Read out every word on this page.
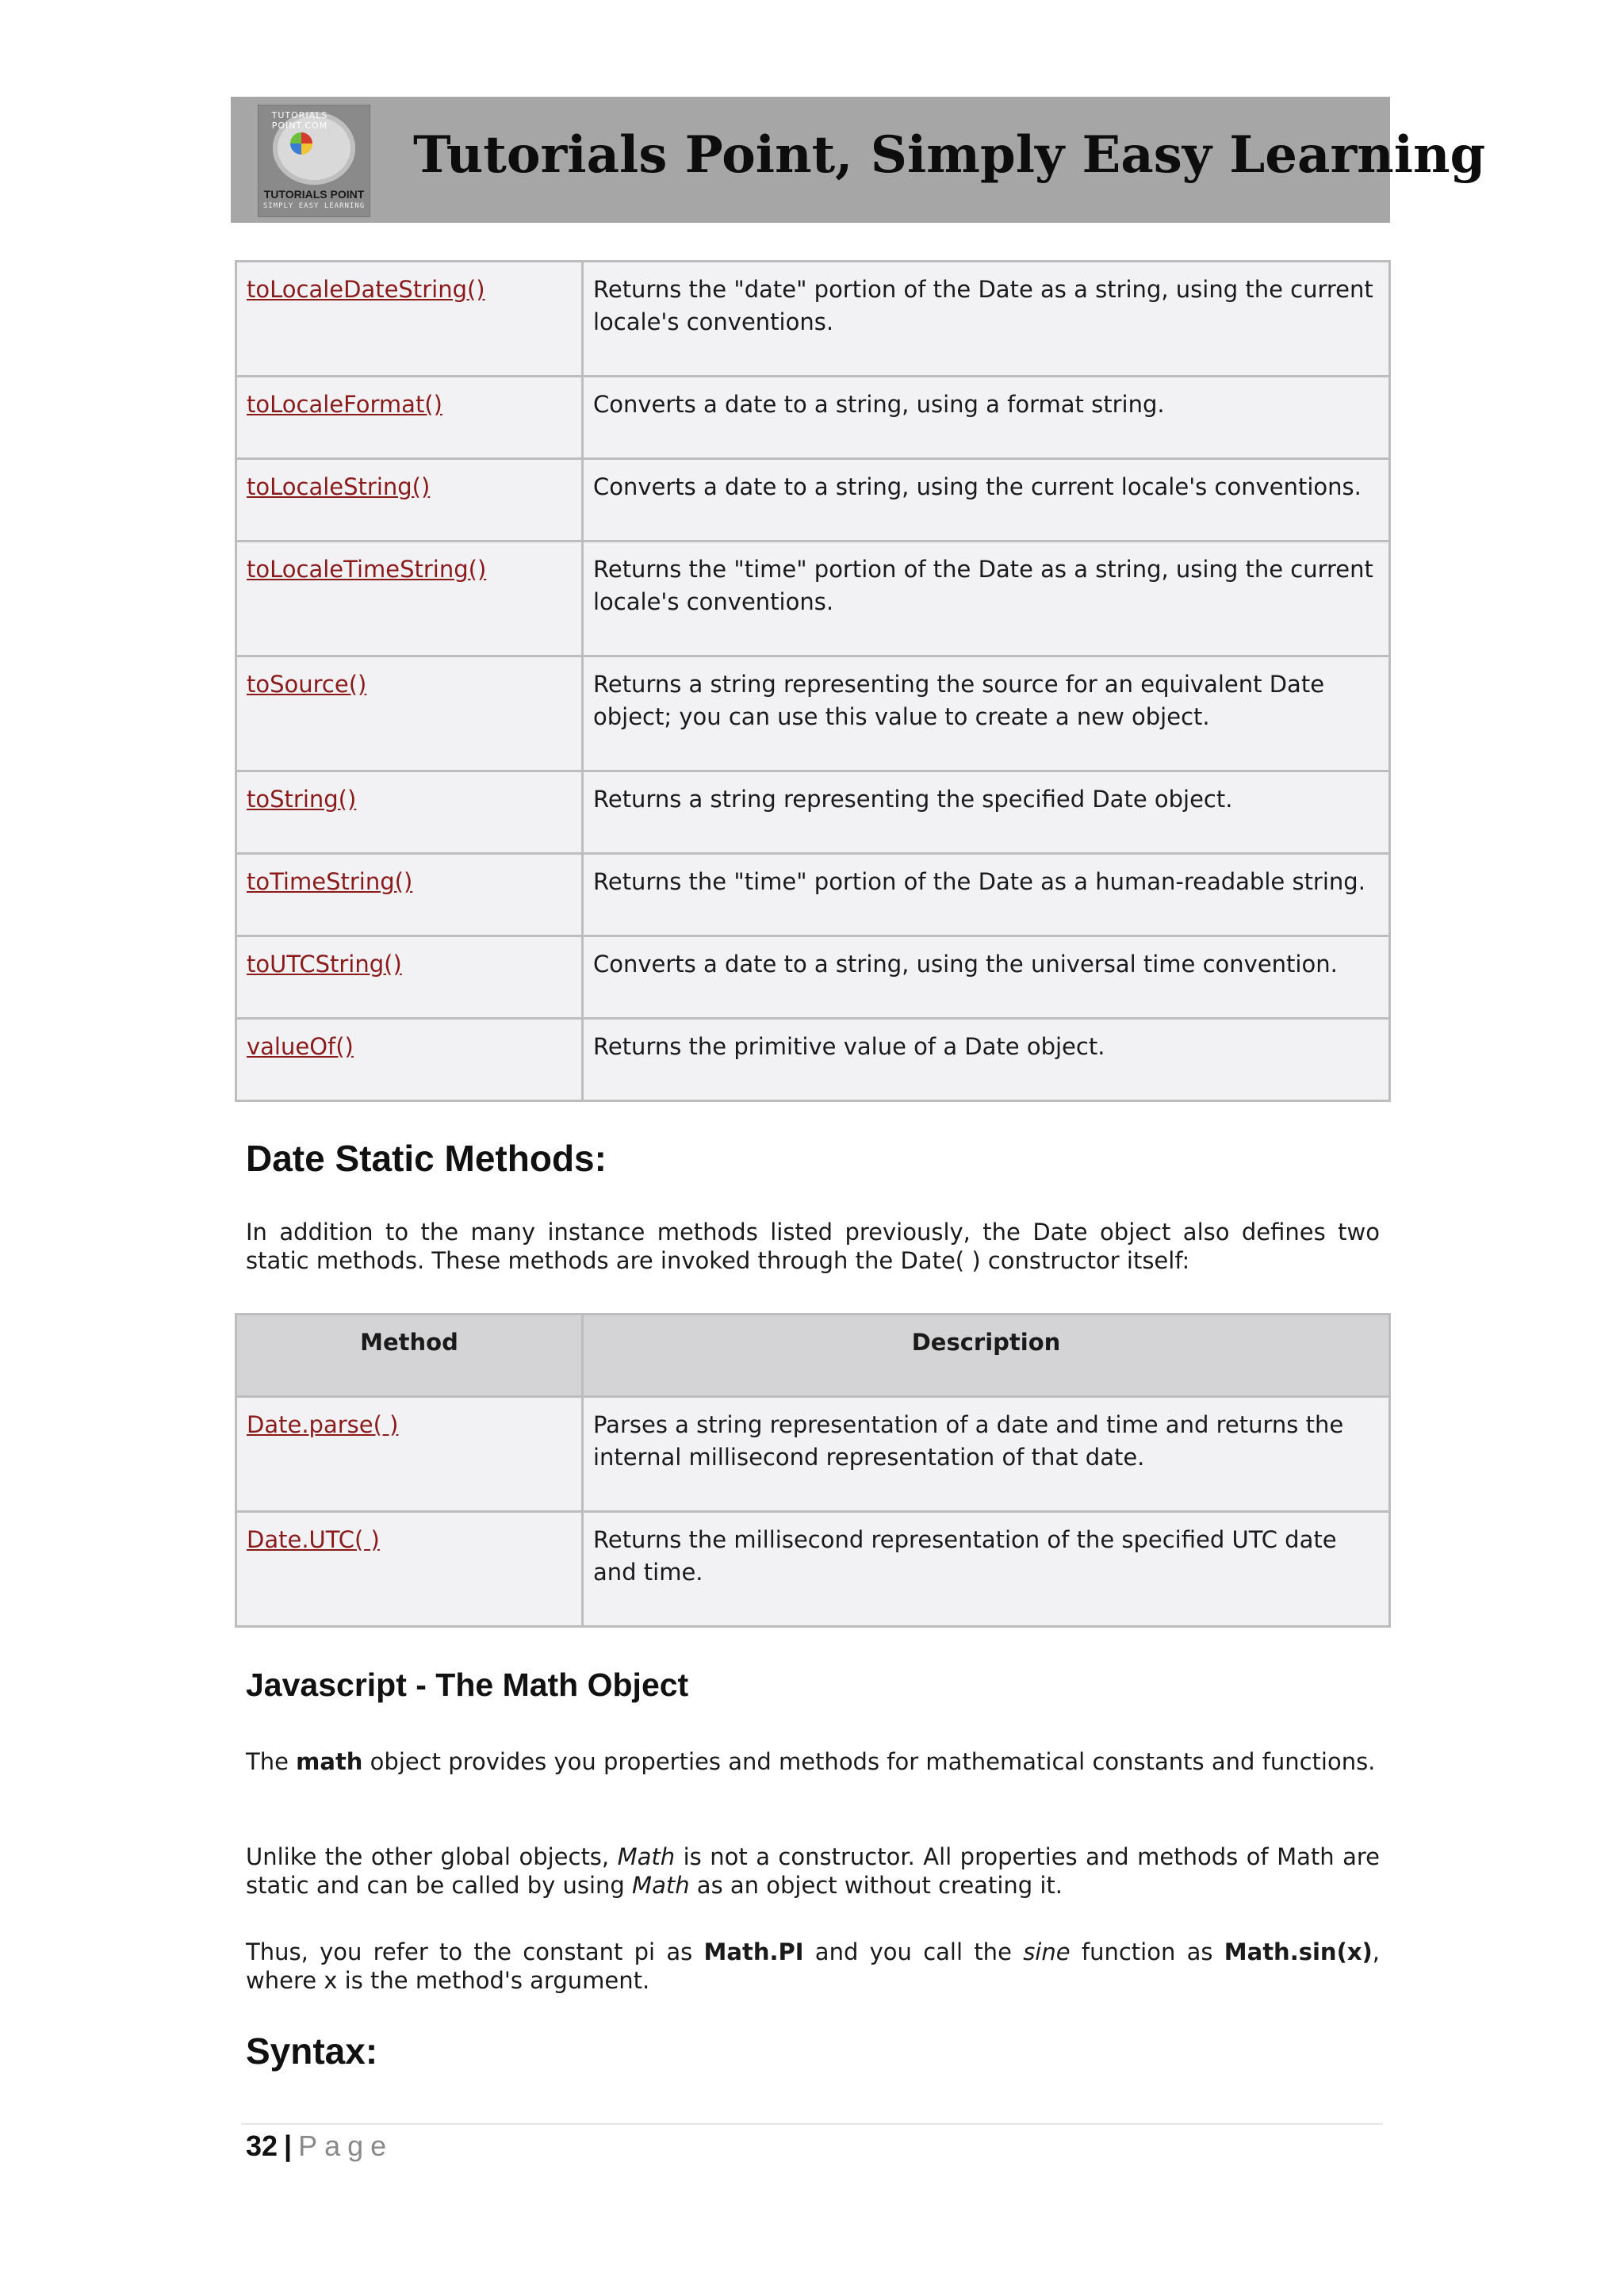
TUTORIALS POINT.COM
TUTORIALS POINT
SIMPLY EASY LEARNING
Tutorials Point, Simply Easy Learning
toLocaleDateString()	Returns the "date" portion of the Date as a string, using the current locale's conventions.
toLocaleFormat()	Converts a date to a string, using a format string.
toLocaleString()	Converts a date to a string, using the current locale's conventions.
toLocaleTimeString()	Returns the "time" portion of the Date as a string, using the current locale's conventions.
toSource()	Returns a string representing the source for an equivalent Date object; you can use this value to create a new object.
toString()	Returns a string representing the specified Date object.
toTimeString()	Returns the "time" portion of the Date as a human-readable string.
toUTCString()	Converts a date to a string, using the universal time convention.
valueOf()	Returns the primitive value of a Date object.
Date Static Methods:
In addition to the many instance methods listed previously, the Date object also defines two static methods. These methods are invoked through the Date( ) constructor itself:
Method	Description
Date.parse( )	Parses a string representation of a date and time and returns the internal millisecond representation of that date.
Date.UTC( )	Returns the millisecond representation of the specified UTC date and time.
Javascript - The Math Object
The math object provides you properties and methods for mathematical constants and functions.
Unlike the other global objects, Math is not a constructor. All properties and methods of Math are static and can be called by using Math as an object without creating it.
Thus, you refer to the constant pi as Math.PI and you call the sine function as Math.sin(x), where x is the method's argument.
Syntax:
32 | Page
